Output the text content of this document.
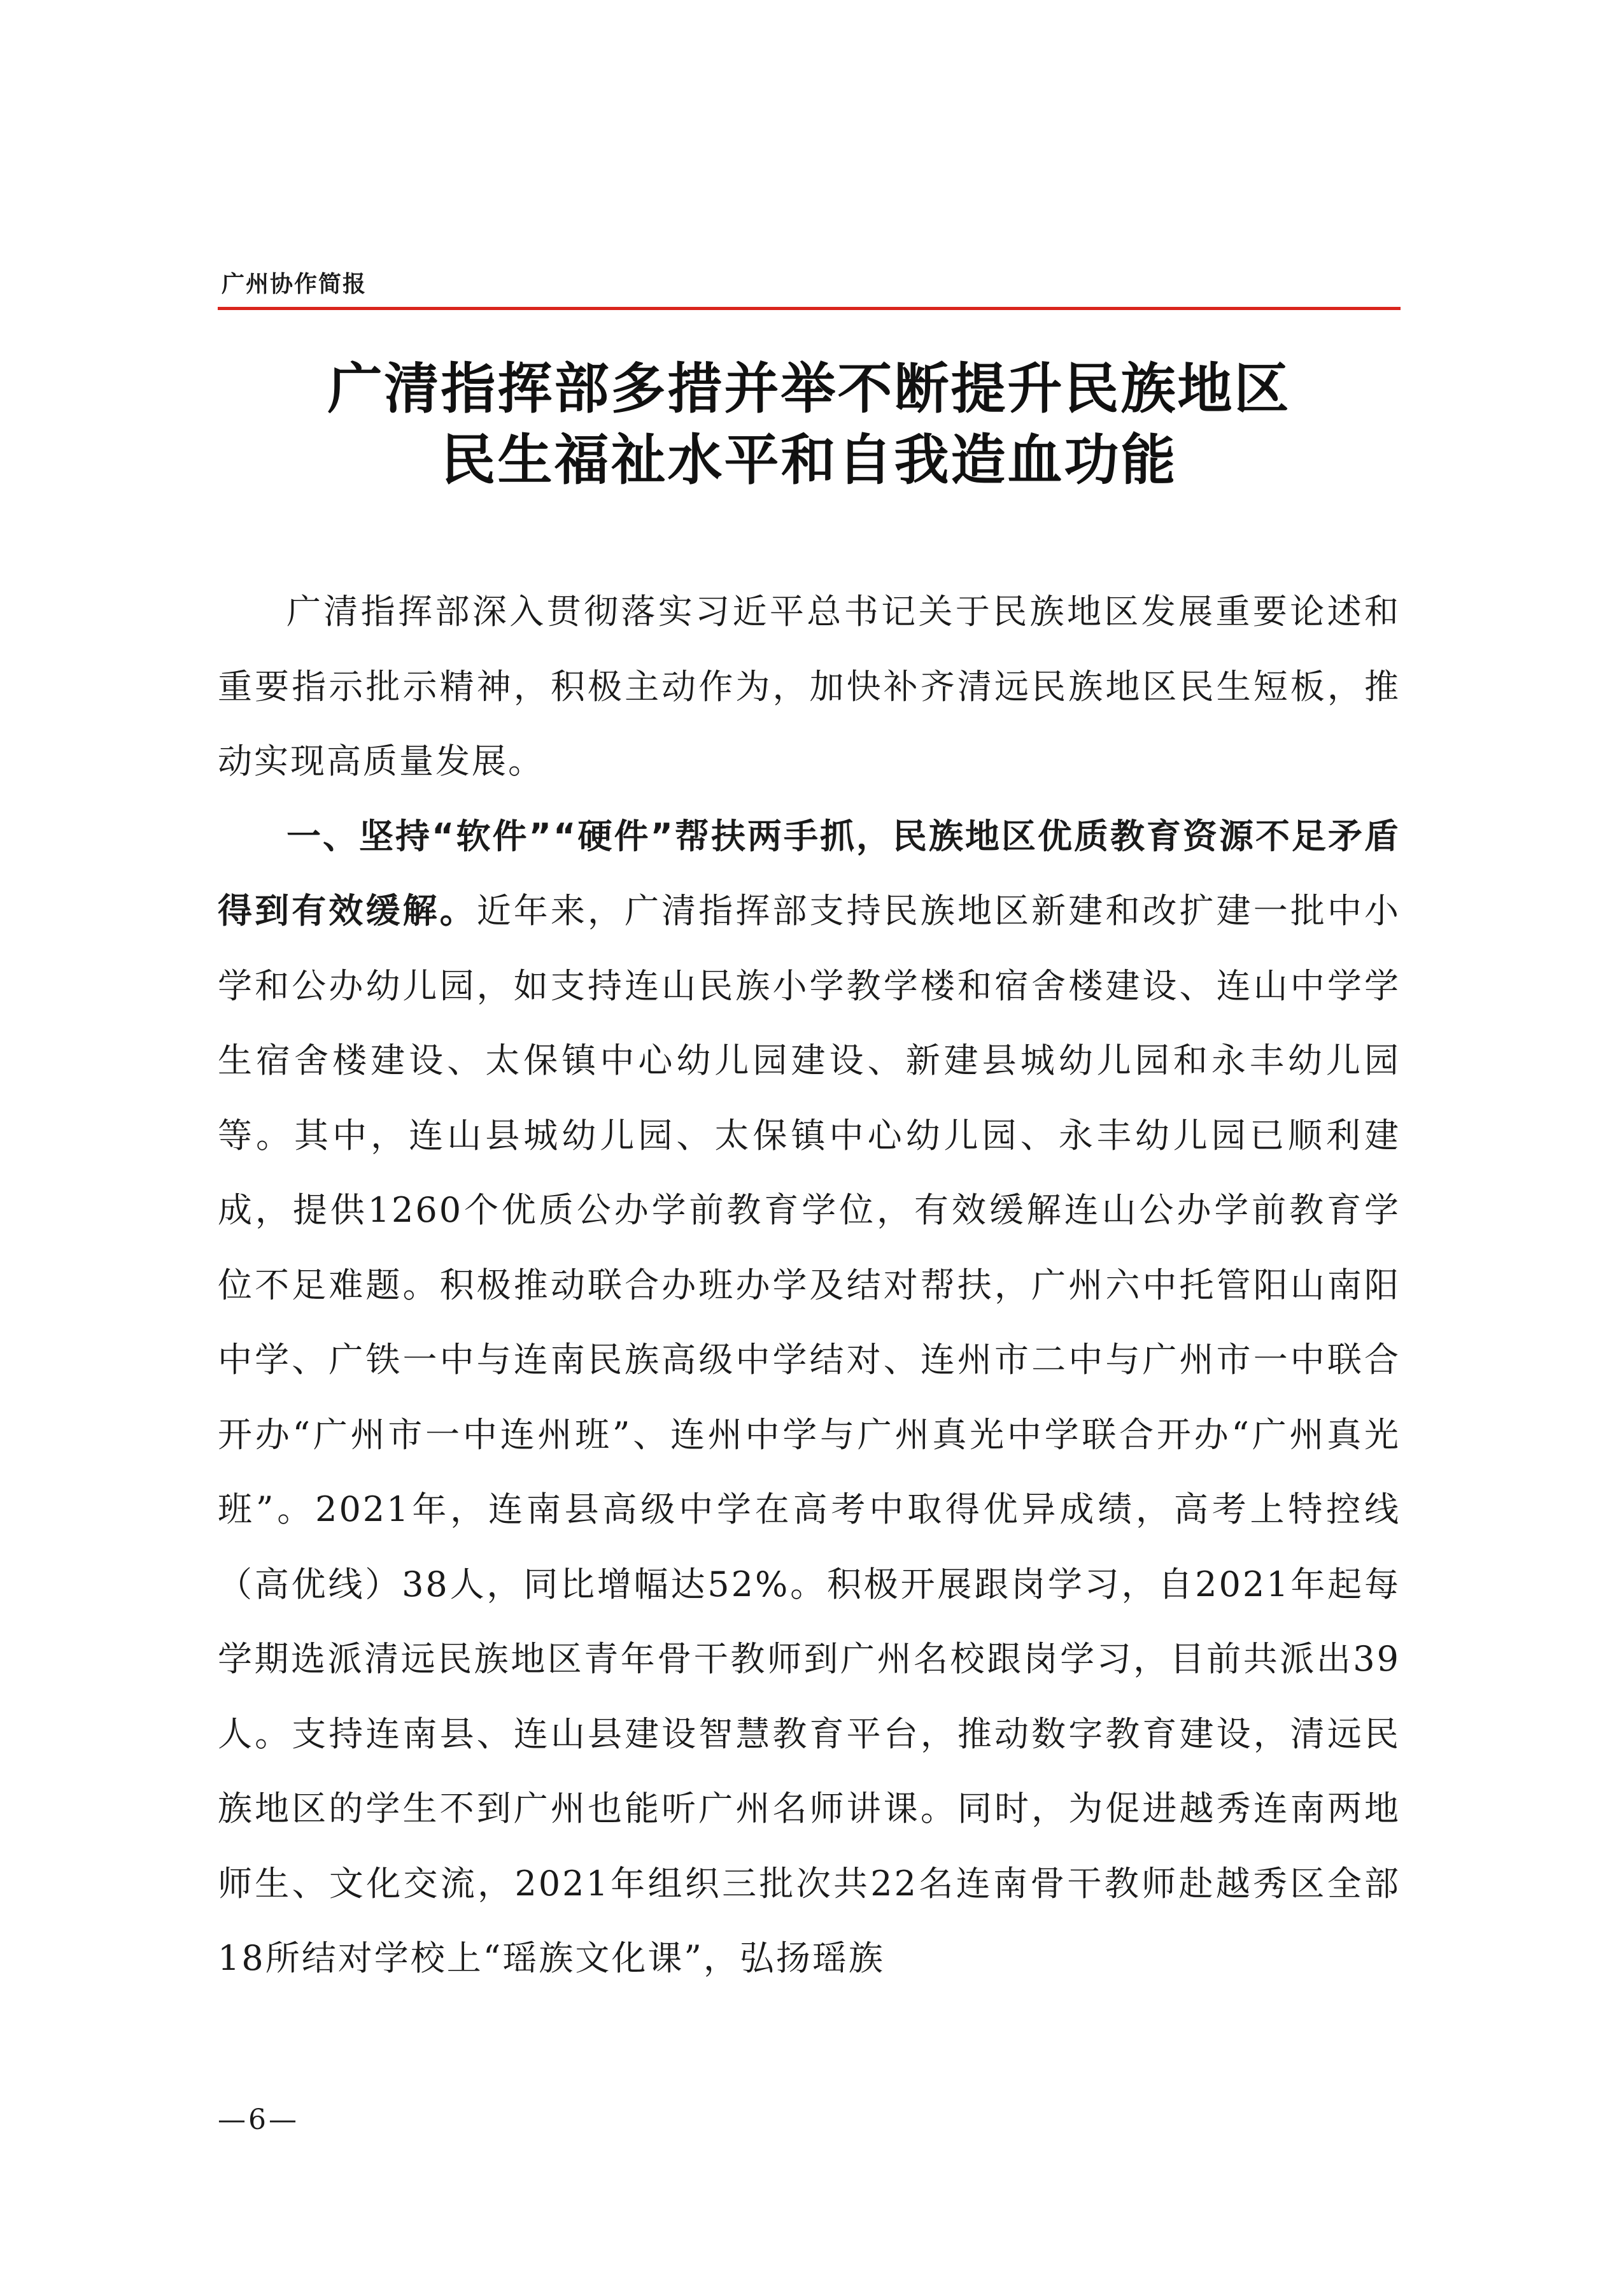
广州协作简报
广清指挥部多措并举不断提升民族地区
民生福祉水平和自我造血功能

广清指挥部深入贯彻落实习近平总书记关于民族地区发展重要论述和重要指示批示精神，积极主动作为，加快补齐清远民族地区民生短板，推动实现高质量发展。

一、坚持“软件”“硬件”帮扶两手抓，民族地区优质教育资源不足矛盾得到有效缓解。近年来，广清指挥部支持民族地区新建和改扩建一批中小学和公办幼儿园，如支持连山民族小学教学楼和宿舍楼建设、连山中学学生宿舍楼建设、太保镇中心幼儿园建设、新建县城幼儿园和永丰幼儿园等。其中，连山县城幼儿园、太保镇中心幼儿园、永丰幼儿园已顺利建成，提供1260个优质公办学前教育学位，有效缓解连山公办学前教育学位不足难题。积极推动联合办班办学及结对帮扶，广州六中托管阳山南阳中学、广铁一中与连南民族高级中学结对、连州市二中与广州市一中联合开办“广州市一中连州班”、连州中学与广州真光中学联合开办“广州真光班”。2021年，连南县高级中学在高考中取得优异成绩，高考上特控线（高优线）38人，同比增幅达52%。积极开展跟岗学习，自2021年起每学期选派清远民族地区青年骨干教师到广州名校跟岗学习，目前共派出39人。支持连南县、连山县建设智慧教育平台，推动数字教育建设，清远民族地区的学生不到广州也能听广州名师讲课。同时，为促进越秀连南两地师生、文化交流，2021年组织三批次共22名连南骨干教师赴越秀区全部18所结对学校上“瑶族文化课”，弘扬瑶族

—6—
